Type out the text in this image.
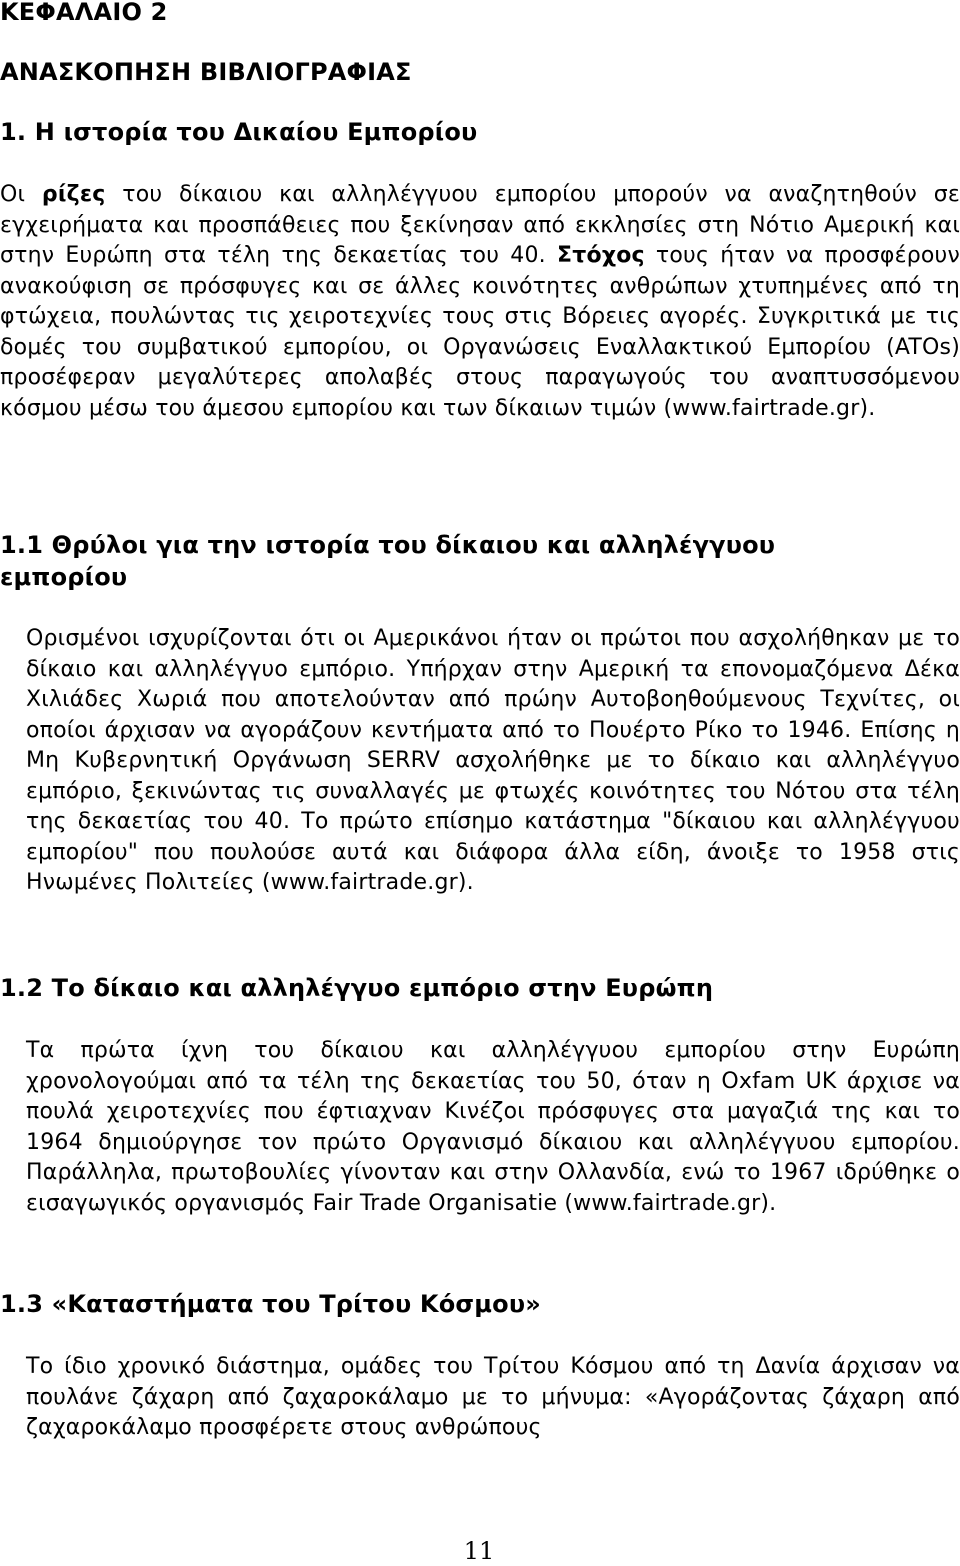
ΚΕΦΑΛΑΙΟ 2
ΑΝΑΣΚΟΠΗΣΗ ΒΙΒΛΙΟΓΡΑΦΙΑΣ
1. Η ιστορία του Δικαίου Εμπορίου

Οι ρίζες του δίκαιου και αλληλέγγυου εμπορίου μπορούν να αναζητηθούν σε εγχειρήματα και προσπάθειες που ξεκίνησαν από εκκλησίες στη Νότιο Αμερική και στην Ευρώπη στα τέλη της δεκαετίας του 40. Στόχος τους ήταν να προσφέρουν ανακούφιση σε πρόσφυγες και σε άλλες κοινότητες ανθρώπων χτυπημένες από τη φτώχεια, πουλώντας τις χειροτεχνίες τους στις Βόρειες αγορές. Συγκριτικά με τις δομές του συμβατικού εμπορίου, οι Οργανώσεις Εναλλακτικού Εμπορίου (ATOs) προσέφεραν μεγαλύτερες απολαβές στους παραγωγούς του αναπτυσσόμενου κόσμου μέσω του άμεσου εμπορίου και των δίκαιων τιμών (www.fairtrade.gr).

1.1 Θρύλοι για την ιστορία του δίκαιου και αλληλέγγυου
εμπορίου

Ορισμένοι ισχυρίζονται ότι οι Αμερικάνοι ήταν οι πρώτοι που ασχολήθηκαν με το δίκαιο και αλληλέγγυο εμπόριο. Υπήρχαν στην Αμερική τα επονομαζόμενα Δέκα Χιλιάδες Χωριά που αποτελούνταν από πρώην Αυτοβοηθούμενους Τεχνίτες, οι οποίοι άρχισαν να αγοράζουν κεντήματα από το Πουέρτο Ρίκο το 1946. Επίσης η Μη Κυβερνητική Οργάνωση SERRV ασχολήθηκε με το δίκαιο και αλληλέγγυο εμπόριο, ξεκινώντας τις συναλλαγές με φτωχές κοινότητες του Νότου στα τέλη της δεκαετίας του 40. Το πρώτο επίσημο κατάστημα "δίκαιου και αλληλέγγυου εμπορίου" που πουλούσε αυτά και διάφορα άλλα είδη, άνοιξε το 1958 στις Ηνωμένες Πολιτείες (www.fairtrade.gr).

1.2 Το δίκαιο και αλληλέγγυο εμπόριο στην Ευρώπη

Τα πρώτα ίχνη του δίκαιου και αλληλέγγυου εμπορίου στην Ευρώπη χρονολογούμαι από τα τέλη της δεκαετίας του 50, όταν η Oxfam UK άρχισε να πουλά χειροτεχνίες που έφτιαχναν Κινέζοι πρόσφυγες στα μαγαζιά της και το 1964 δημιούργησε τον πρώτο Οργανισμό δίκαιου και αλληλέγγυου εμπορίου. Παράλληλα, πρωτοβουλίες γίνονταν και στην Ολλανδία, ενώ το 1967 ιδρύθηκε ο εισαγωγικός οργανισμός Fair Trade Organisatie (www.fairtrade.gr).

1.3 «Καταστήματα του Τρίτου Κόσμου»

Το ίδιο χρονικό διάστημα, ομάδες του Τρίτου Κόσμου από τη Δανία άρχισαν να πουλάνε ζάχαρη από ζαχαροκάλαμο με το μήνυμα: «Αγοράζοντας ζάχαρη από ζαχαροκάλαμο προσφέρετε στους ανθρώπους

11
